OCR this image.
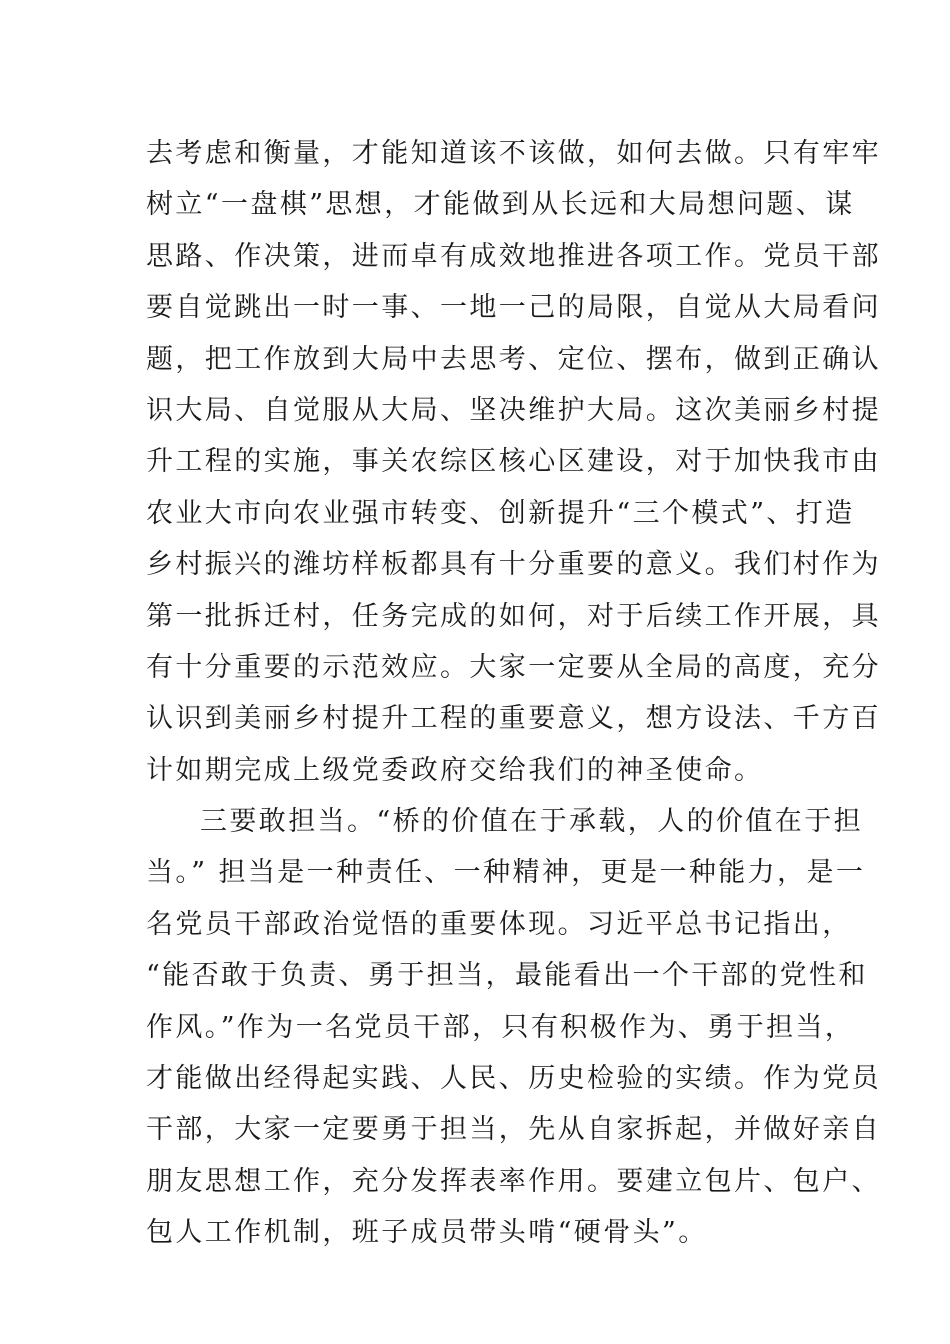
去考虑和衡量，才能知道该不该做，如何去做。只有牢牢
树立“一盘棋”思想，才能做到从长远和大局想问题、谋
思路、作决策，进而卓有成效地推进各项工作。党员干部
要自觉跳出一时一事、一地一己的局限，自觉从大局看问
题，把工作放到大局中去思考、定位、摆布，做到正确认
识大局、自觉服从大局、坚决维护大局。这次美丽乡村提
升工程的实施，事关农综区核心区建设，对于加快我市由
农业大市向农业强市转变、创新提升“三个模式”、打造
乡村振兴的潍坊样板都具有十分重要的意义。我们村作为
第一批拆迁村，任务完成的如何，对于后续工作开展，具
有十分重要的示范效应。大家一定要从全局的高度，充分
认识到美丽乡村提升工程的重要意义，想方设法、千方百
计如期完成上级党委政府交给我们的神圣使命。
三要敢担当。“桥的价值在于承载，人的价值在于担
当。” 担当是一种责任、一种精神，更是一种能力，是一
名党员干部政治觉悟的重要体现。习近平总书记指出，
“能否敢于负责、勇于担当，最能看出一个干部的党性和
作风。”作为一名党员干部，只有积极作为、勇于担当，
才能做出经得起实践、人民、历史检验的实绩。作为党员
干部，大家一定要勇于担当，先从自家拆起，并做好亲自
朋友思想工作，充分发挥表率作用。要建立包片、包户、
包人工作机制，班子成员带头啃“硬骨头”。
